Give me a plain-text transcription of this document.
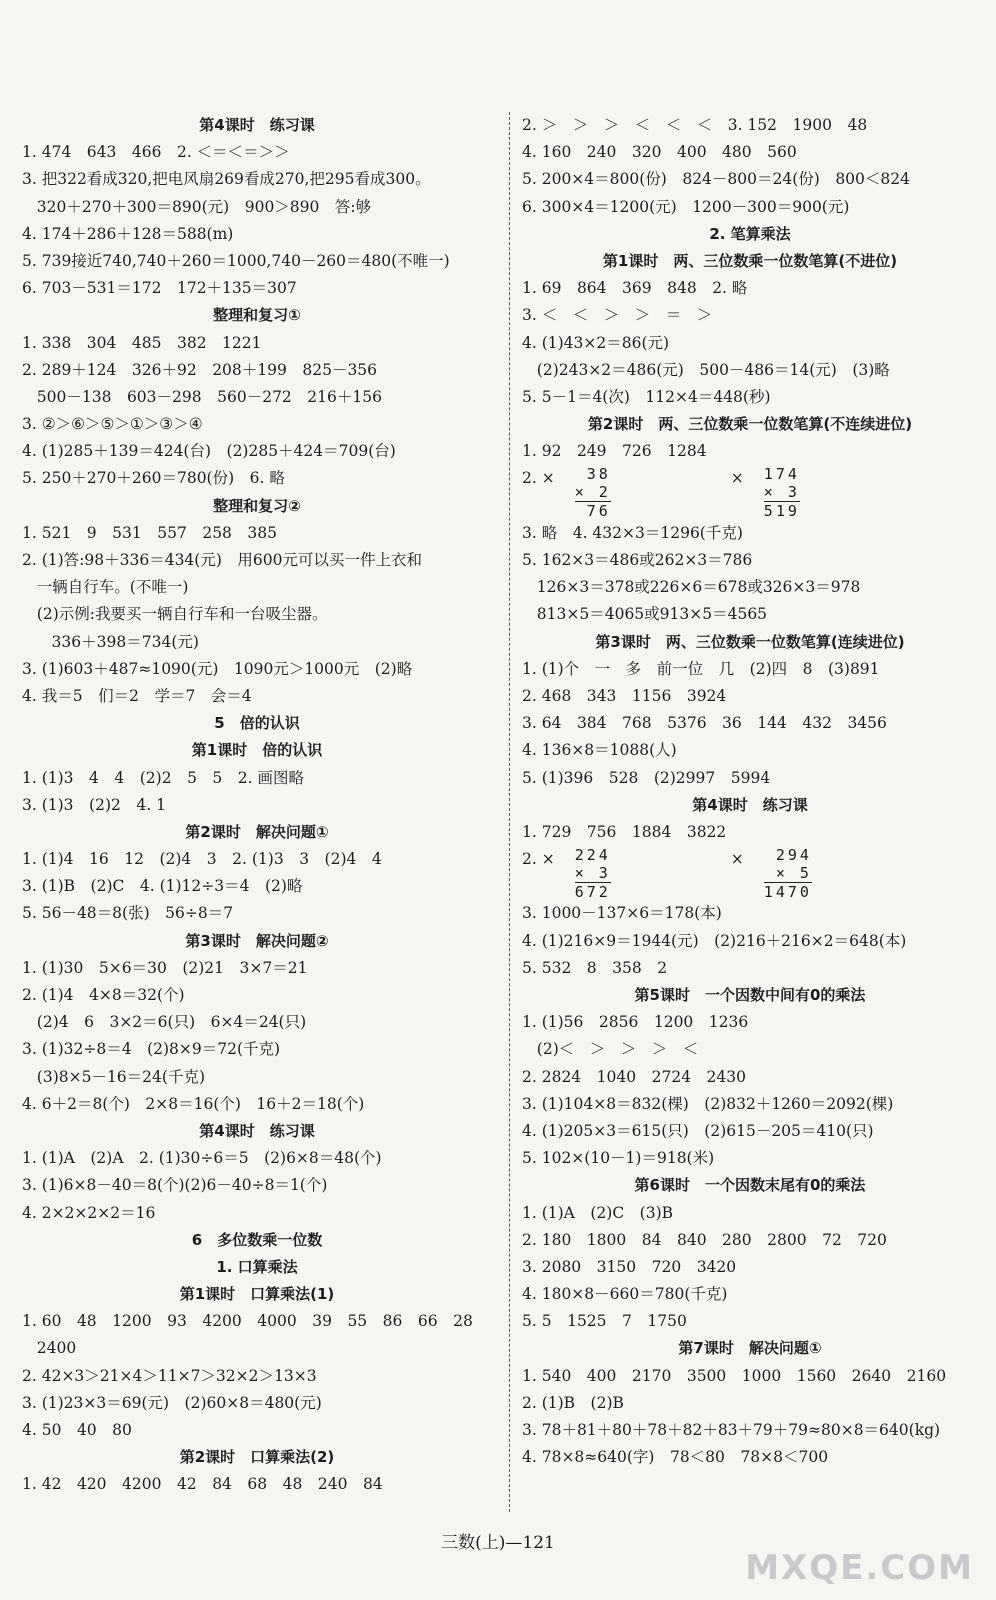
第4课时　练习课
1. 474　643　466　2. ＜＝＜＝＞＞
3. 把322看成320,把电风扇269看成270,把295看成300。
320＋270＋300＝890(元)　900＞890　答:够
4. 174＋286＋128＝588(m)
5. 739接近740,740＋260＝1000,740－260＝480(不唯一)
6. 703－531＝172　172＋135＝307
整理和复习①
1. 338　304　485　382　1221
2. 289＋124　326＋92　208＋199　825－356
500－138　603－298　560－272　216＋156
3. ②＞⑥＞⑤＞①＞③＞④
4. (1)285＋139＝424(台)　(2)285＋424＝709(台)
5. 250＋270＋260＝780(份)　6. 略
整理和复习②
1. 521　9　531　557　258　385
2. (1)答:98＋336＝434(元)　用600元可以买一件上衣和
一辆自行车。(不唯一)
(2)示例:我要买一辆自行车和一台吸尘器。
336＋398＝734(元)
3. (1)603＋487≈1090(元)　1090元＞1000元　(2)略
4. 我＝5　们＝2　学＝7　会＝4
5　倍的认识
第1课时　倍的认识
1. (1)3　4　4　(2)2　5　5　2. 画图略
3. (1)3　(2)2　4. 1
第2课时　解决问题①
1. (1)4　16　12　(2)4　3　2. (1)3　3　(2)4　4
3. (1)B　(2)C　4. (1)12÷3＝4　(2)略
5. 56－48＝8(张)　56÷8＝7
第3课时　解决问题②
1. (1)30　5×6＝30　(2)21　3×7＝21
2. (1)4　4×8＝32(个)
(2)4　6　3×2＝6(只)　6×4＝24(只)
3. (1)32÷8＝4　(2)8×9＝72(千克)
(3)8×5－16＝24(千克)
4. 6＋2＝8(个)　2×8＝16(个)　16＋2＝18(个)
第4课时　练习课
1. (1)A　(2)A　2. (1)30÷6＝5　(2)6×8＝48(个)
3. (1)6×8－40＝8(个)(2)6－40÷8＝1(个)
4. 2×2×2×2＝16
6　多位数乘一位数
1. 口算乘法
第1课时　口算乘法(1)
1. 60　48　1200　93　4200　4000　39　55　86　66　28
2400
2. 42×3＞21×4＞11×7＞32×2＞13×3
3. (1)23×3＝69(元)　(2)60×8＝480(元)
4. 50　40　80
第2课时　口算乘法(2)
1. 42　420　4200　42　84　68　48　240　84
2. ＞　＞　＞　＜　＜　＜　3. 152　1900　48
4. 160　240　320　400　480　560
5. 200×4＝800(份)　824－800＝24(份)　800＜824
6. 300×4＝1200(元)　1200－300＝900(元)
2. 笔算乘法
第1课时　两、三位数乘一位数笔算(不进位)
1. 69　864　369　848　2. 略
3. ＜　＜　＞　＞　＝　＞
4. (1)43×2＝86(元)
(2)243×2＝486(元)　500－486＝14(元)　(3)略
5. 5－1＝4(次)　112×4＝448(秒)
第2课时　两、三位数乘一位数笔算(不连续进位)
1. 92　249　726　1284
2. ×	38
× 2
76
× 174
× 3
519
3. 略　4. 432×3＝1296(千克)
5. 162×3＝486或262×3＝786
126×3＝378或226×6＝678或326×3＝978
813×5＝4065或913×5＝4565
第3课时　两、三位数乘一位数笔算(连续进位)
1. (1)个　一　多　前一位　几　(2)四　8　(3)891
2. 468　343　1156　3924
3. 64　384　768　5376　36　144　432　3456
4. 136×8＝1088(人)
5. (1)396　528　(2)2997　5994
第4课时　练习课
1. 729　756　1884　3822
2. × 224
× 3
672
×	294
× 5
1470
3. 1000－137×6＝178(本)
4. (1)216×9＝1944(元)　(2)216＋216×2＝648(本)
5. 532　8　358　2
第5课时　一个因数中间有0的乘法
1. (1)56　2856　1200　1236
(2)＜　＞　＞　＞　＜
2. 2824　1040　2724　2430
3. (1)104×8＝832(棵)　(2)832＋1260＝2092(棵)
4. (1)205×3＝615(只)　(2)615－205＝410(只)
5. 102×(10－1)＝918(米)
第6课时　一个因数末尾有0的乘法
1. (1)A　(2)C　(3)B
2. 180　1800　84　840　280　2800　72　720
3. 2080　3150　720　3420
4. 180×8－660＝780(千克)
5. 5　1525　7　1750
第7课时　解决问题①
1. 540　400　2170　3500　1000　1560　2640　2160
2. (1)B　(2)B
3. 78＋81＋80＋78＋82＋83＋79＋79≈80×8＝640(kg)
4. 78×8≈640(字)　78＜80　78×8＜700
三数(上)—121
MXQE.COM
